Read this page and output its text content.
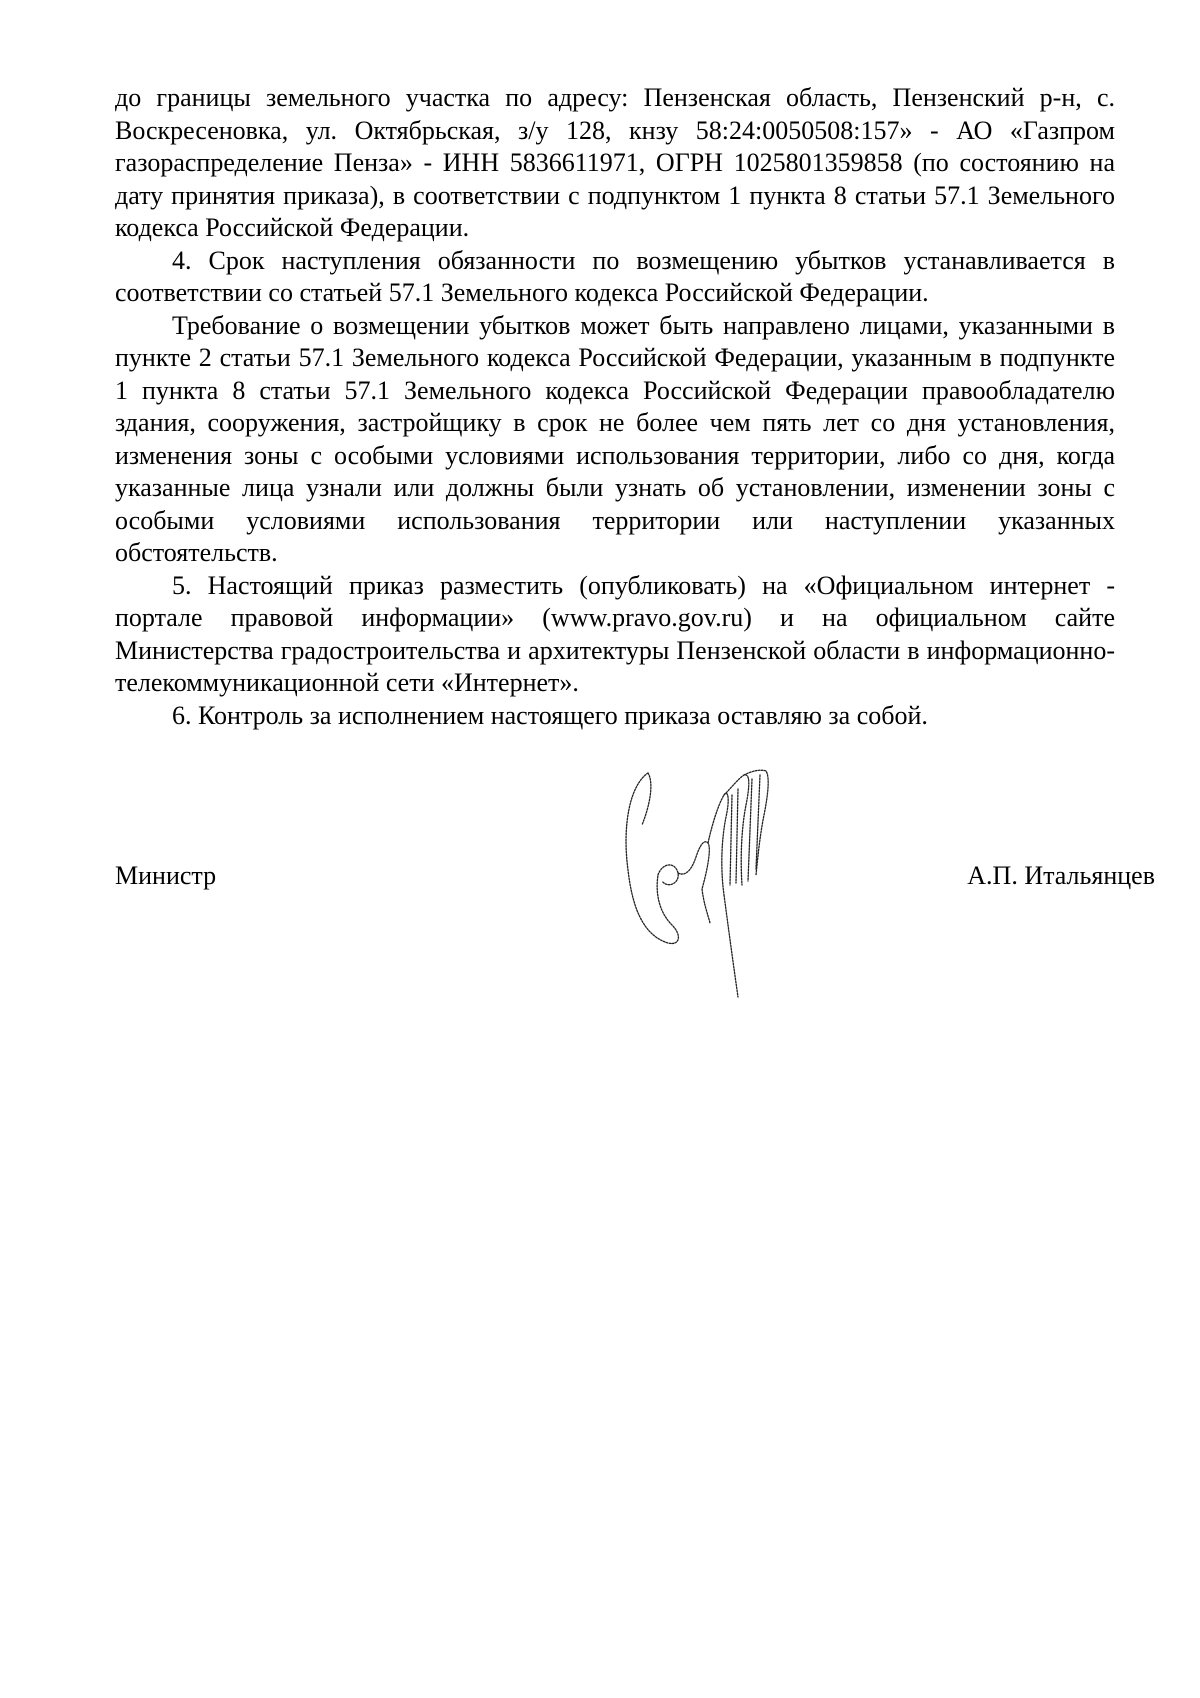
до границы земельного участка по адресу: Пензенская область, Пензенский р-н, с. Воскресеновка, ул. Октябрьская, з/у 128, кнзу 58:24:0050508:157» - АО «Газпром газораспределение Пенза» - ИНН 5836611971, ОГРН 1025801359858 (по состоянию на дату принятия приказа), в соответствии с подпунктом 1 пункта 8 статьи 57.1 Земельного кодекса Российской Федерации.

4. Срок наступления обязанности по возмещению убытков устанавливается в соответствии со статьей 57.1 Земельного кодекса Российской Федерации.

Требование о возмещении убытков может быть направлено лицами, указанными в пункте 2 статьи 57.1 Земельного кодекса Российской Федерации, указанным в подпункте 1 пункта 8 статьи 57.1 Земельного кодекса Российской Федерации правообладателю здания, сооружения, застройщику в срок не более чем пять лет со дня установления, изменения зоны с особыми условиями использования территории, либо со дня, когда указанные лица узнали или должны были узнать об установлении, изменении зоны с особыми условиями использования территории или наступлении указанных обстоятельств.

5. Настоящий приказ разместить (опубликовать) на «Официальном интернет - портале правовой информации» (www.pravo.gov.ru) и на официальном сайте Министерства градостроительства и архитектуры Пензенской области в информационно-телекоммуникационной сети «Интернет».

6. Контроль за исполнением настоящего приказа оставляю за собой.

Министр	А.П. Итальянцев
